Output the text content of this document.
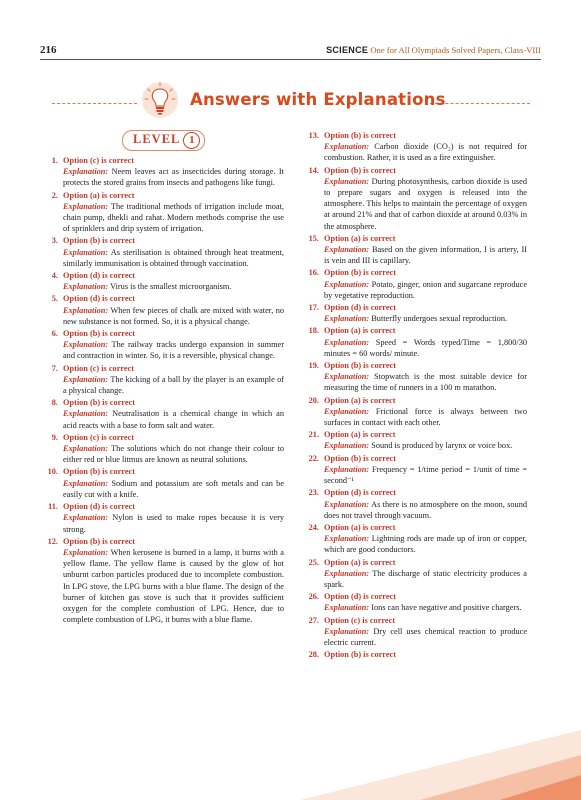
216	SCIENCE One for All Olympiads Solved Papers, Class-VIII
Answers with Explanations
LEVEL 1
1. Option (c) is correct
Explanation: Neem leaves act as insecticides during storage. It protects the stored grains from insects and pathogens like fungi.
2. Option (a) is correct
Explanation: The traditional methods of irrigation include moat, chain pump, dhekli and rahat. Modern methods comprise the use of sprinklers and drip system of irrigation.
3. Option (b) is correct
Explanation: As sterilisation is obtained through heat treatment, similarly immunisation is obtained through vaccination.
4. Option (d) is correct
Explanation: Virus is the smallest microorganism.
5. Option (d) is correct
Explanation: When few pieces of chalk are mixed with water, no new substance is not formed. So, it is a physical change.
6. Option (b) is correct
Explanation: The railway tracks undergo expansion in summer and contraction in winter. So, it is a reversible, physical change.
7. Option (c) is correct
Explanation: The kicking of a ball by the player is an example of a physical change.
8. Option (b) is correct
Explanation: Neutralisation is a chemical change in which an acid reacts with a base to form salt and water.
9. Option (c) is correct
Explanation: The solutions which do not change their colour to either red or blue litmus are known as neutral solutions.
10. Option (b) is correct
Explanation: Sodium and potassium are soft metals and can be easily cut with a knife.
11. Option (d) is correct
Explanation: Nylon is used to make ropes because it is very strong.
12. Option (b) is correct
Explanation: When kerosene is burned in a lamp, it burns with a yellow flame. The yellow flame is caused by the glow of hot unburnt carbon particles produced due to incomplete combustion. In LPG stove, the LPG burns with a blue flame. The design of the burner of kitchen gas stove is such that it provides sufficient oxygen for the complete combustion of LPG. Hence, due to complete combustion of LPG, it burns with a blue flame.
13. Option (b) is correct
Explanation: Carbon dioxide (CO₂) is not required for combustion. Rather, it is used as a fire extinguisher.
14. Option (b) is correct
Explanation: During photosynthesis, carbon dioxide is used to prepare sugars and oxygen is released into the atmosphere. This helps to maintain the percentage of oxygen at around 21% and that of carbon dioxide at around 0.03% in the atmosphere.
15. Option (a) is correct
Explanation: Based on the given information, I is artery, II is vein and III is capillary.
16. Option (b) is correct
Explanation: Potato, ginger, onion and sugarcane reproduce by vegetative reproduction.
17. Option (d) is correct
Explanation: Butterfly undergoes sexual reproduction.
18. Option (a) is correct
Explanation: Speed = Words typed/Time = 1,800/30 minutes = 60 words/ minute.
19. Option (b) is correct
Explanation: Stopwatch is the most suitable device for measuring the time of runners in a 100 m marathon.
20. Option (a) is correct
Explanation: Frictional force is always between two surfaces in contact with each other.
21. Option (a) is correct
Explanation: Sound is produced by larynx or voice box.
22. Option (b) is correct
Explanation: Frequency = 1/time period = 1/unit of time = second⁻¹
23. Option (d) is correct
Explanation: As there is no atmosphere on the moon, sound does not travel through vacuum.
24. Option (a) is correct
Explanation: Lightning rods are made up of iron or copper, which are good conductors.
25. Option (a) is correct
Explanation: The discharge of static electricity produces a spark.
26. Option (d) is correct
Explanation: Ions can have negative and positive chargers.
27. Option (c) is correct
Explanation: Dry cell uses chemical reaction to produce electric current.
28. Option (b) is correct
